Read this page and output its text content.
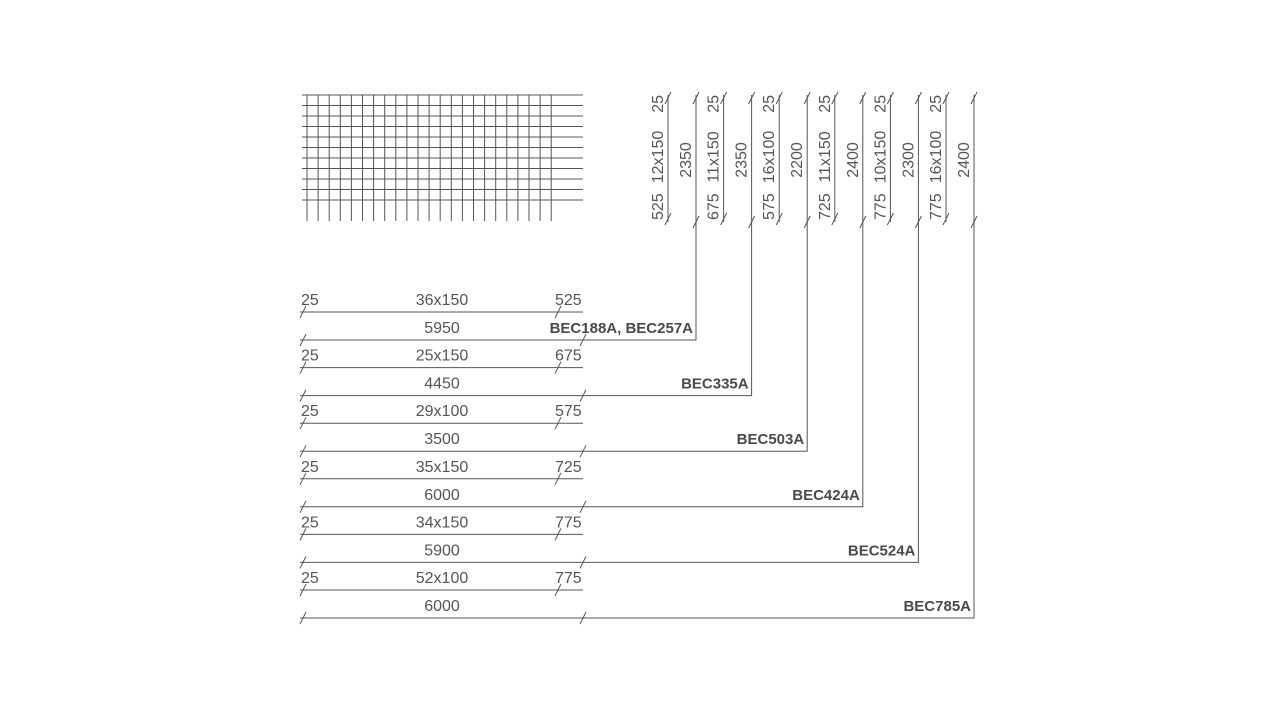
25	36x150	525
5950
525
12x150
25
2350
BEC188A, BEC257A
25	25x150	675
4450
675
11x150
25
2350
BEC335A
25	29x100	575
3500
575
16x100
25
2200
BEC503A
25	35x150	725
6000
725
11x150
25
2400
BEC424A
25	34x150	775
5900
775
10x150
25
2300
BEC524A
25	52x100	775
6000
775
16x100
25
2400
BEC785A
